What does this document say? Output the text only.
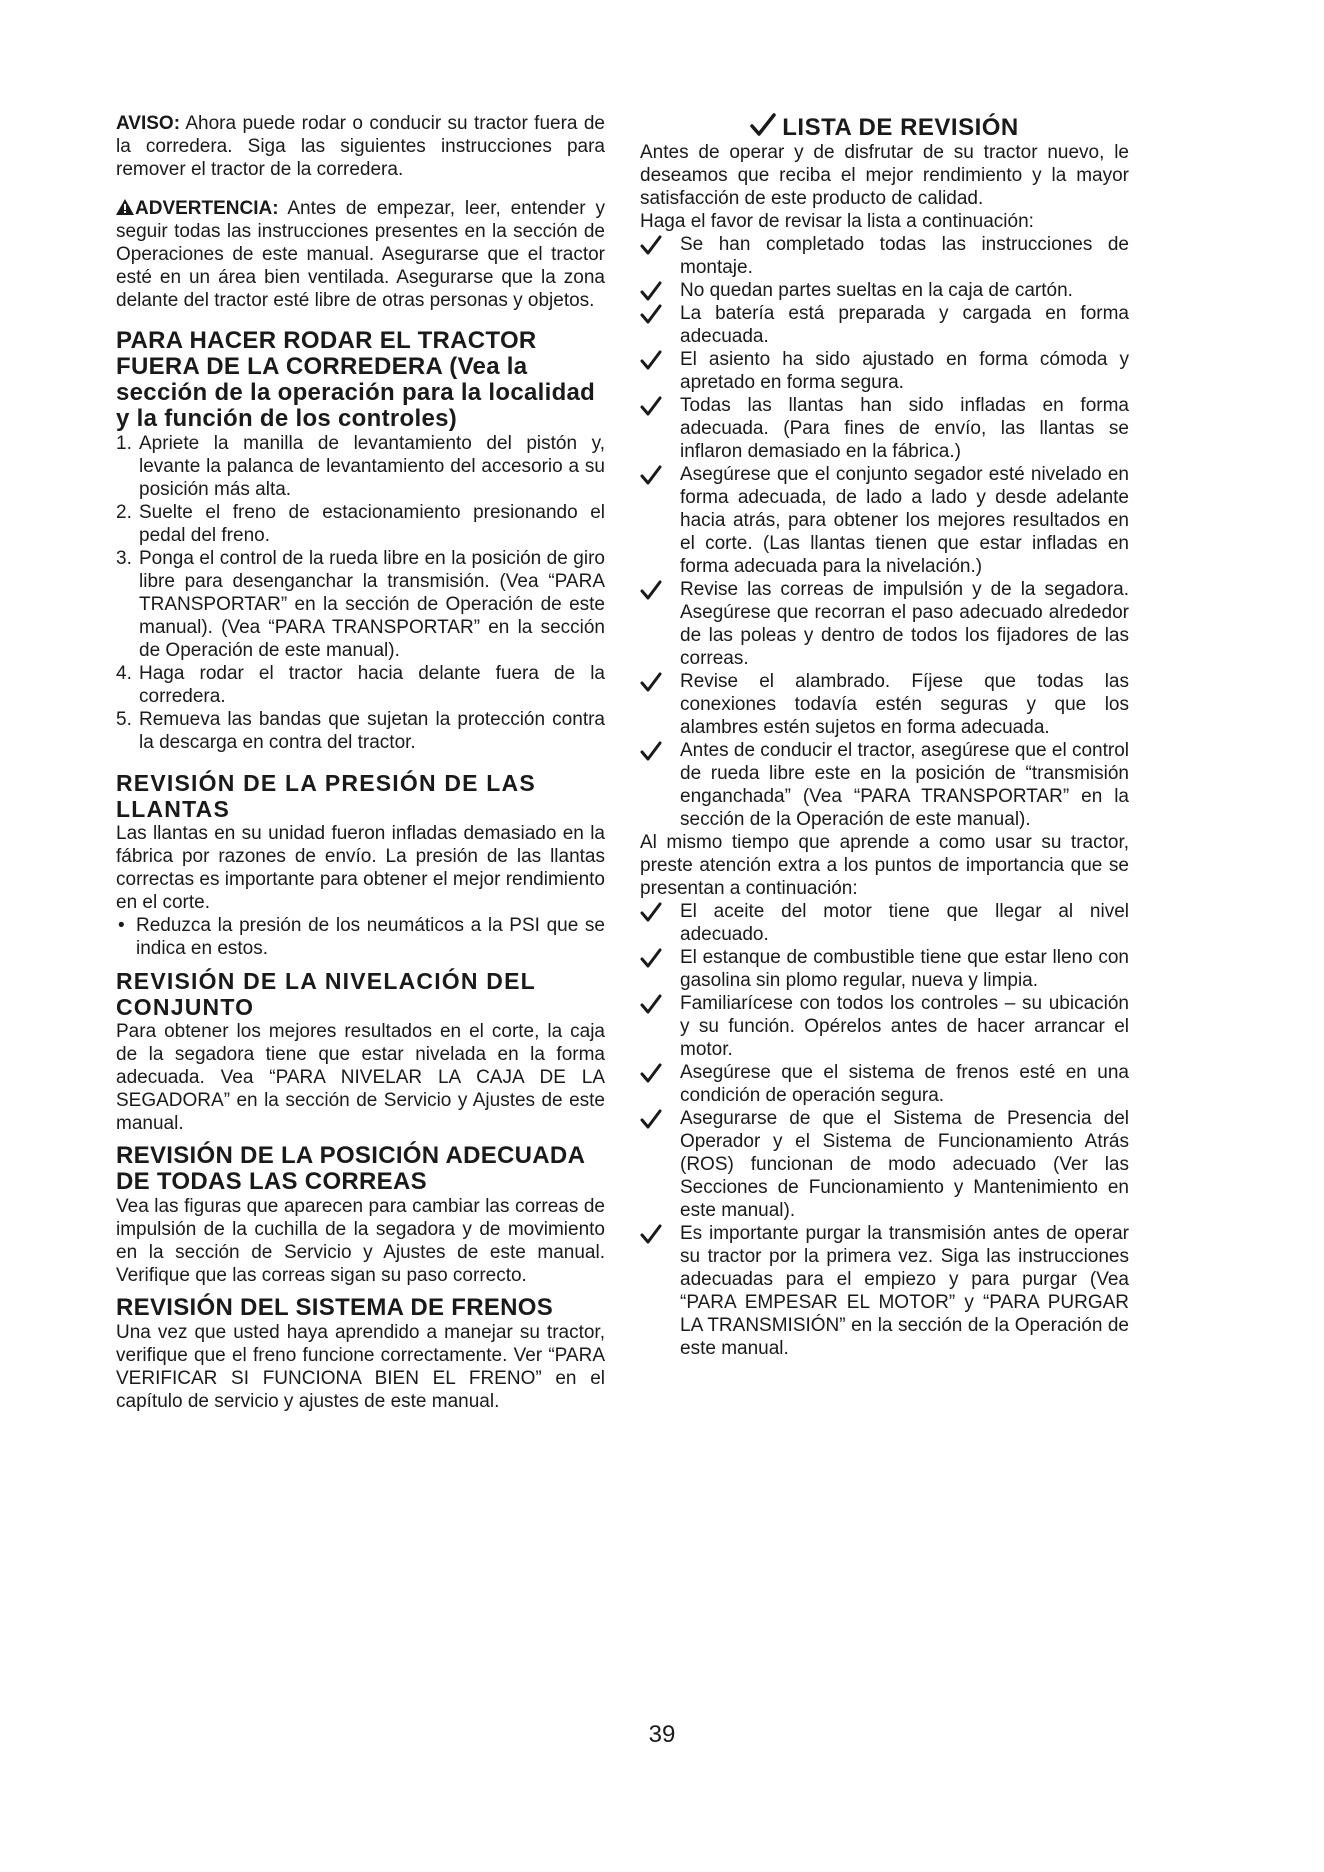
AVISO: Ahora puede rodar o conducir su tractor fuera de la corredera. Siga las siguientes instrucciones para remover el tractor de la corredera.

ADVERTENCIA: Antes de empezar, leer, entender y seguir todas las instrucciones presentes en la sección de Operaciones de este manual. Asegurarse que el tractor esté en un área bien ventilada. Asegurarse que la zona delante del tractor esté libre de otras personas y objetos.

PARA HACER RODAR EL TRACTOR FUERA DE LA CORREDERA (Vea la sección de la operación para la localidad y la función de los controles)
1. Apriete la manilla de levantamiento del pistón y, levante la palanca de levantamiento del accesorio a su posición más alta.
2. Suelte el freno de estacionamiento presionando el pedal del freno.
3. Ponga el control de la rueda libre en la posición de giro libre para desenganchar la transmisión. (Vea “PARA TRANSPORTAR” en la sección de Operación de este manual). (Vea “PARA TRANSPORTAR” en la sección de Operación de este manual).
4. Haga rodar el tractor hacia delante fuera de la corredera.
5. Remueva las bandas que sujetan la protección contra la descarga en contra del tractor.
REVISIÓN DE LA PRESIÓN DE LAS LLANTAS

Las llantas en su unidad fueron infladas demasiado en la fábrica por razones de envío. La presión de las llantas correctas es importante para obtener el mejor rendimiento en el corte.

• Reduzca la presión de los neumáticos a la PSI que se indica en estos.
REVISIÓN DE LA NIVELACIÓN DEL CONJUNTO

Para obtener los mejores resultados en el corte, la caja de la segadora tiene que estar nivelada en la forma adecuada. Vea “PARA NIVELAR LA CAJA DE LA SEGADORA” en la sección de Servicio y Ajustes de este manual.

REVISIÓN DE LA POSICIÓN ADECUADA DE TODAS LAS CORREAS

Vea las figuras que aparecen para cambiar las correas de impulsión de la cuchilla de la segadora y de movimiento en la sección de Servicio y Ajustes de este manual. Verifique que las correas sigan su paso correcto.

REVISIÓN DEL SISTEMA DE FRENOS

Una vez que usted haya aprendido a manejar su tractor, verifique que el freno funcione correctamente. Ver “PARA VERIFICAR SI FUNCIONA BIEN EL FRENO” en el capítulo de servicio y ajustes de este manual.

LISTA DE REVISIÓN

Antes de operar y de disfrutar de su tractor nuevo, le deseamos que reciba el mejor rendimiento y la mayor satisfacción de este producto de calidad.

Haga el favor de revisar la lista a continuación:

Se han completado todas las instrucciones de montaje.
No quedan partes sueltas en la caja de cartón.
La batería está preparada y cargada en forma adecuada.
El asiento ha sido ajustado en forma cómoda y apretado en forma segura.
Todas las llantas han sido infladas en forma adecuada. (Para fines de envío, las llantas se inflaron demasiado en la fábrica.)
Asegúrese que el conjunto segador esté nivelado en forma adecuada, de lado a lado y desde adelante hacia atrás, para obtener los mejores resultados en el corte. (Las llantas tienen que estar infladas en forma adecuada para la nivelación.)
Revise las correas de impulsión y de la segadora. Asegúrese que recorran el paso adecuado alrededor de las poleas y dentro de todos los fijadores de las correas.
Revise el alambrado. Fíjese que todas las conexiones todavía estén seguras y que los alambres estén sujetos en forma adecuada.
Antes de conducir el tractor, asegúrese que el control de rueda libre este en la posición de “transmisión enganchada” (Vea “PARA TRANSPORTAR” en la sección de la Operación de este manual).

Al mismo tiempo que aprende a como usar su tractor, preste atención extra a los puntos de importancia que se presentan a continuación:

El aceite del motor tiene que llegar al nivel adecuado.
El estanque de combustible tiene que estar lleno con gasolina sin plomo regular, nueva y limpia.
Familiarícese con todos los controles – su ubicación y su función. Opérelos antes de hacer arrancar el motor.
Asegúrese que el sistema de frenos esté en una condición de operación segura.
Asegurarse de que el Sistema de Presencia del Operador y el Sistema de Funcionamiento Atrás (ROS) funcionan de modo adecuado (Ver las Secciones de Funcionamiento y Mantenimiento en este manual).
Es importante purgar la transmisión antes de operar su tractor por la primera vez. Siga las instrucciones adecuadas para el empiezo y para purgar (Vea “PARA EMPESAR EL MOTOR” y “PARA PURGAR LA TRANSMISIÓN” en la sección de la Operación de este manual.
39
